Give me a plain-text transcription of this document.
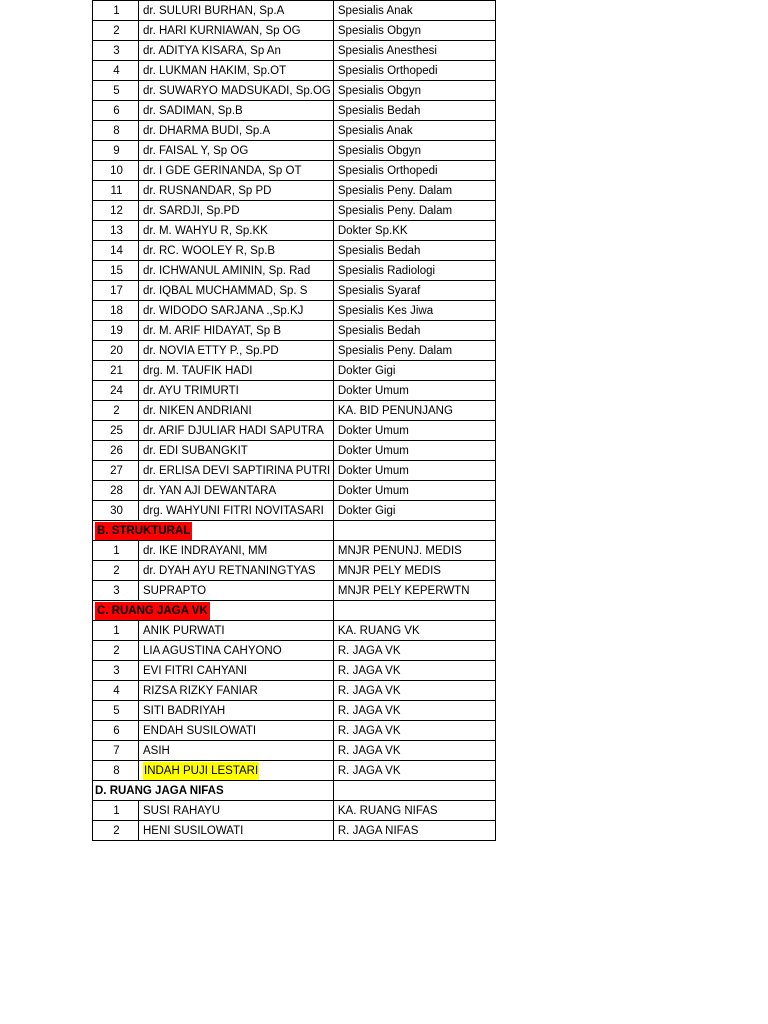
1	dr. SULURI BURHAN, Sp.A	Spesialis Anak
2	dr. HARI KURNIAWAN, Sp OG	Spesialis Obgyn
3	dr. ADITYA KISARA, Sp An	Spesialis Anesthesi
4	dr. LUKMAN HAKIM, Sp.OT	Spesialis Orthopedi
5	dr. SUWARYO MADSUKADI, Sp.OG	Spesialis Obgyn
6	dr. SADIMAN, Sp.B	Spesialis Bedah
8	dr. DHARMA BUDI, Sp.A	Spesialis Anak
9	dr. FAISAL Y, Sp OG	Spesialis Obgyn
10	dr. I GDE GERINANDA, Sp OT	Spesialis Orthopedi
11	dr. RUSNANDAR, Sp PD	Spesialis Peny. Dalam
12	dr. SARDJI, Sp.PD	Spesialis Peny. Dalam
13	dr. M. WAHYU R, Sp.KK	Dokter Sp.KK
14	dr. RC. WOOLEY R, Sp.B	Spesialis Bedah
15	dr. ICHWANUL AMININ, Sp. Rad	Spesialis Radiologi
17	dr. IQBAL MUCHAMMAD, Sp. S	Spesialis Syaraf
18	dr. WIDODO SARJANA .,Sp.KJ	Spesialis Kes Jiwa
19	dr. M. ARIF HIDAYAT, Sp B	Spesialis Bedah
20	dr. NOVIA ETTY P., Sp.PD	Spesialis Peny. Dalam
21	drg. M. TAUFIK HADI	Dokter Gigi
24	dr. AYU TRIMURTI	Dokter Umum
2	dr. NIKEN ANDRIANI	KA. BID PENUNJANG
25	dr. ARIF DJULIAR HADI SAPUTRA	Dokter Umum
26	dr. EDI SUBANGKIT	Dokter Umum
27	dr. ERLISA DEVI SAPTIRINA PUTRI	Dokter Umum
28	dr. YAN AJI DEWANTARA	Dokter Umum
30	drg. WAHYUNI FITRI NOVITASARI	Dokter Gigi
B. STRUKTURAL		
1	dr. IKE INDRAYANI, MM	MNJR PENUNJ. MEDIS
2	dr. DYAH AYU RETNANINGTYAS	MNJR PELY MEDIS
3	SUPRAPTO	MNJR PELY KEPERWTN
C. RUANG JAGA VK		
1	ANIK PURWATI	KA. RUANG VK
2	LIA AGUSTINA CAHYONO	R. JAGA VK
3	EVI FITRI CAHYANI	R. JAGA VK
4	RIZSA RIZKY FANIAR	R. JAGA VK
5	SITI BADRIYAH	R. JAGA VK
6	ENDAH SUSILOWATI	R. JAGA VK
7	ASIH	R. JAGA VK
8	INDAH PUJI LESTARI	R. JAGA VK
D. RUANG JAGA NIFAS		
1	SUSI RAHAYU	KA. RUANG NIFAS
2	HENI SUSILOWATI	R. JAGA NIFAS
